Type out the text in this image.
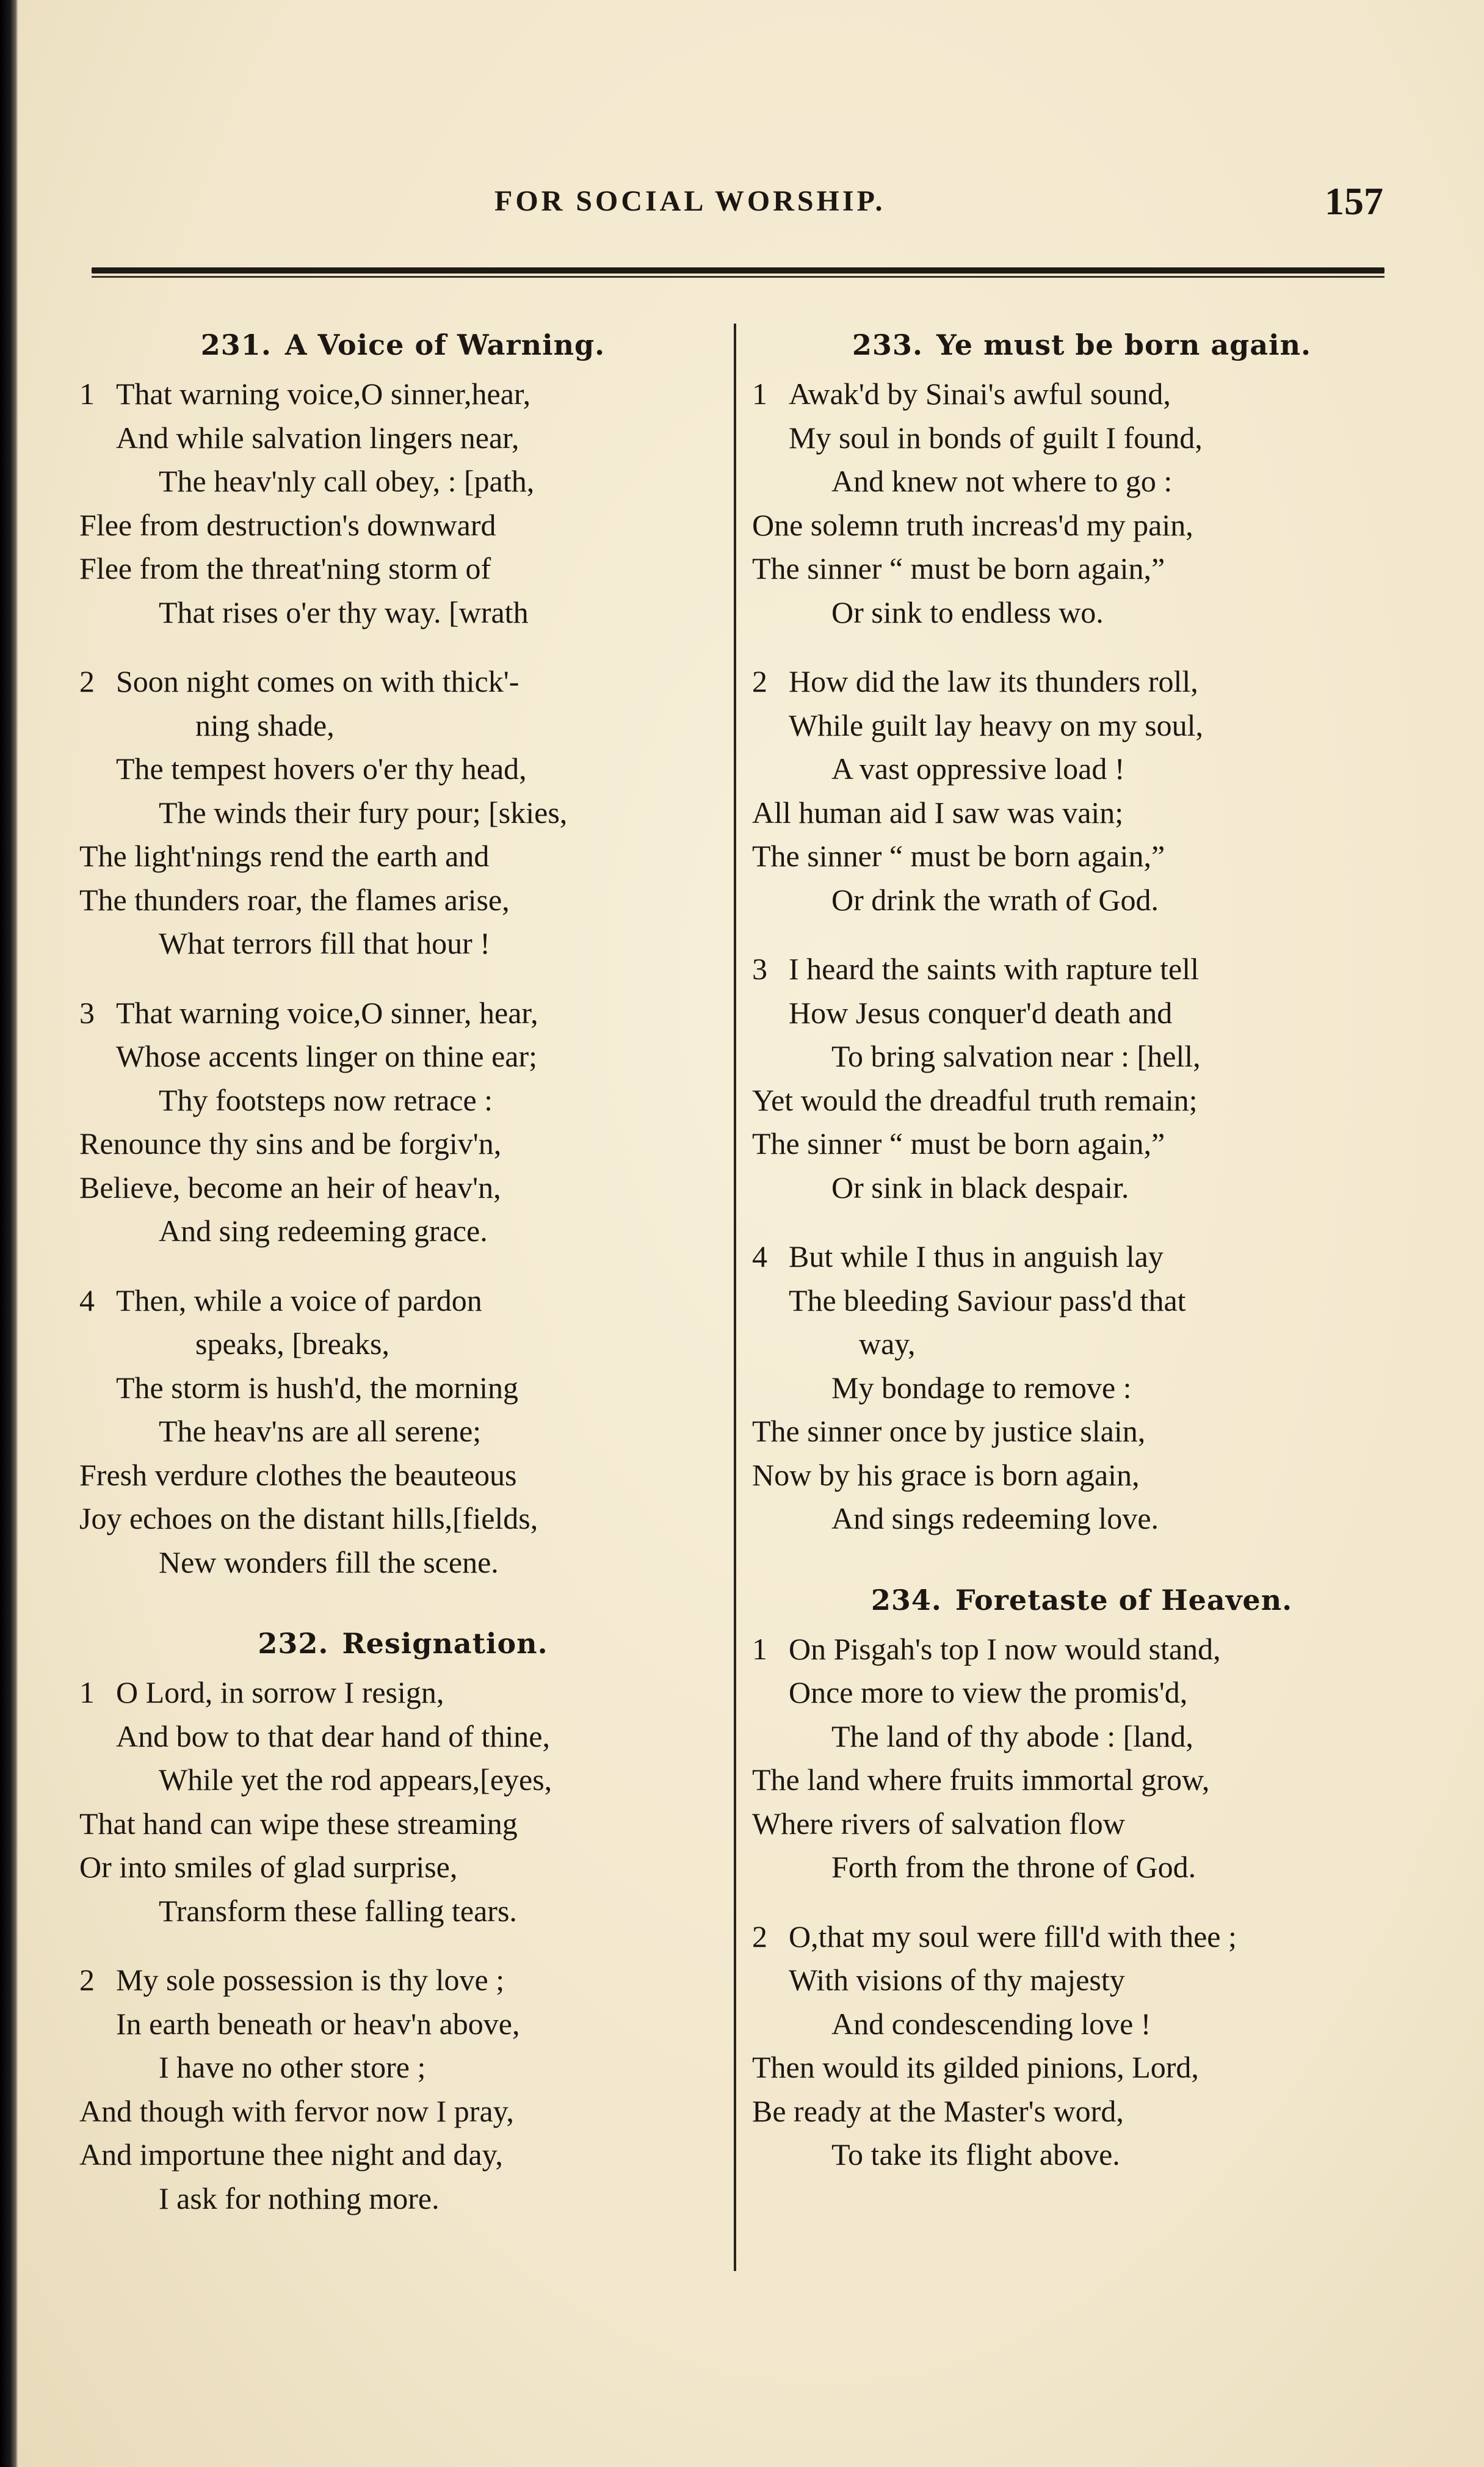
FOR SOCIAL WORSHIP.	157
231. A Voice of Warning.
1 That warning voice,O sinner,hear,
And while salvation lingers near,
The heav'nly call obey, : [path,
Flee from destruction's downward
Flee from the threat'ning storm of
That rises o'er thy way. [wrath
2 Soon night comes on with thick'-
ning shade,
The tempest hovers o'er thy head,
The winds their fury pour; [skies,
The light'nings rend the earth and
The thunders roar, the flames arise,
What terrors fill that hour !
3 That warning voice,O sinner, hear,
Whose accents linger on thine ear;
Thy footsteps now retrace :
Renounce thy sins and be forgiv'n,
Believe, become an heir of heav'n,
And sing redeeming grace.
4 Then, while a voice of pardon
speaks, [breaks,
The storm is hush'd, the morning
The heav'ns are all serene;
Fresh verdure clothes the beauteous
Joy echoes on the distant hills,[fields,
New wonders fill the scene.
232. Resignation.
1 O Lord, in sorrow I resign,
And bow to that dear hand of thine,
While yet the rod appears,[eyes,
That hand can wipe these streaming
Or into smiles of glad surprise,
Transform these falling tears.
2 My sole possession is thy love ;
In earth beneath or heav'n above,
I have no other store ;
And though with fervor now I pray,
And importune thee night and day,
I ask for nothing more.
233. Ye must be born again.
1 Awak'd by Sinai's awful sound,
My soul in bonds of guilt I found,
And knew not where to go :
One solemn truth increas'd my pain,
The sinner “ must be born again,”
Or sink to endless wo.
2 How did the law its thunders roll,
While guilt lay heavy on my soul,
A vast oppressive load !
All human aid I saw was vain;
The sinner “ must be born again,”
Or drink the wrath of God.
3 I heard the saints with rapture tell
How Jesus conquer'd death and
To bring salvation near : [hell,
Yet would the dreadful truth remain;
The sinner “ must be born again,”
Or sink in black despair.
4 But while I thus in anguish lay
The bleeding Saviour pass'd that
way,
My bondage to remove :
The sinner once by justice slain,
Now by his grace is born again,
And sings redeeming love.
234. Foretaste of Heaven.
1 On Pisgah's top I now would stand,
Once more to view the promis'd,
The land of thy abode : [land,
The land where fruits immortal grow,
Where rivers of salvation flow
Forth from the throne of God.
2 O,that my soul were fill'd with thee ;
With visions of thy majesty
And condescending love !
Then would its gilded pinions, Lord,
Be ready at the Master's word,
To take its flight above.
